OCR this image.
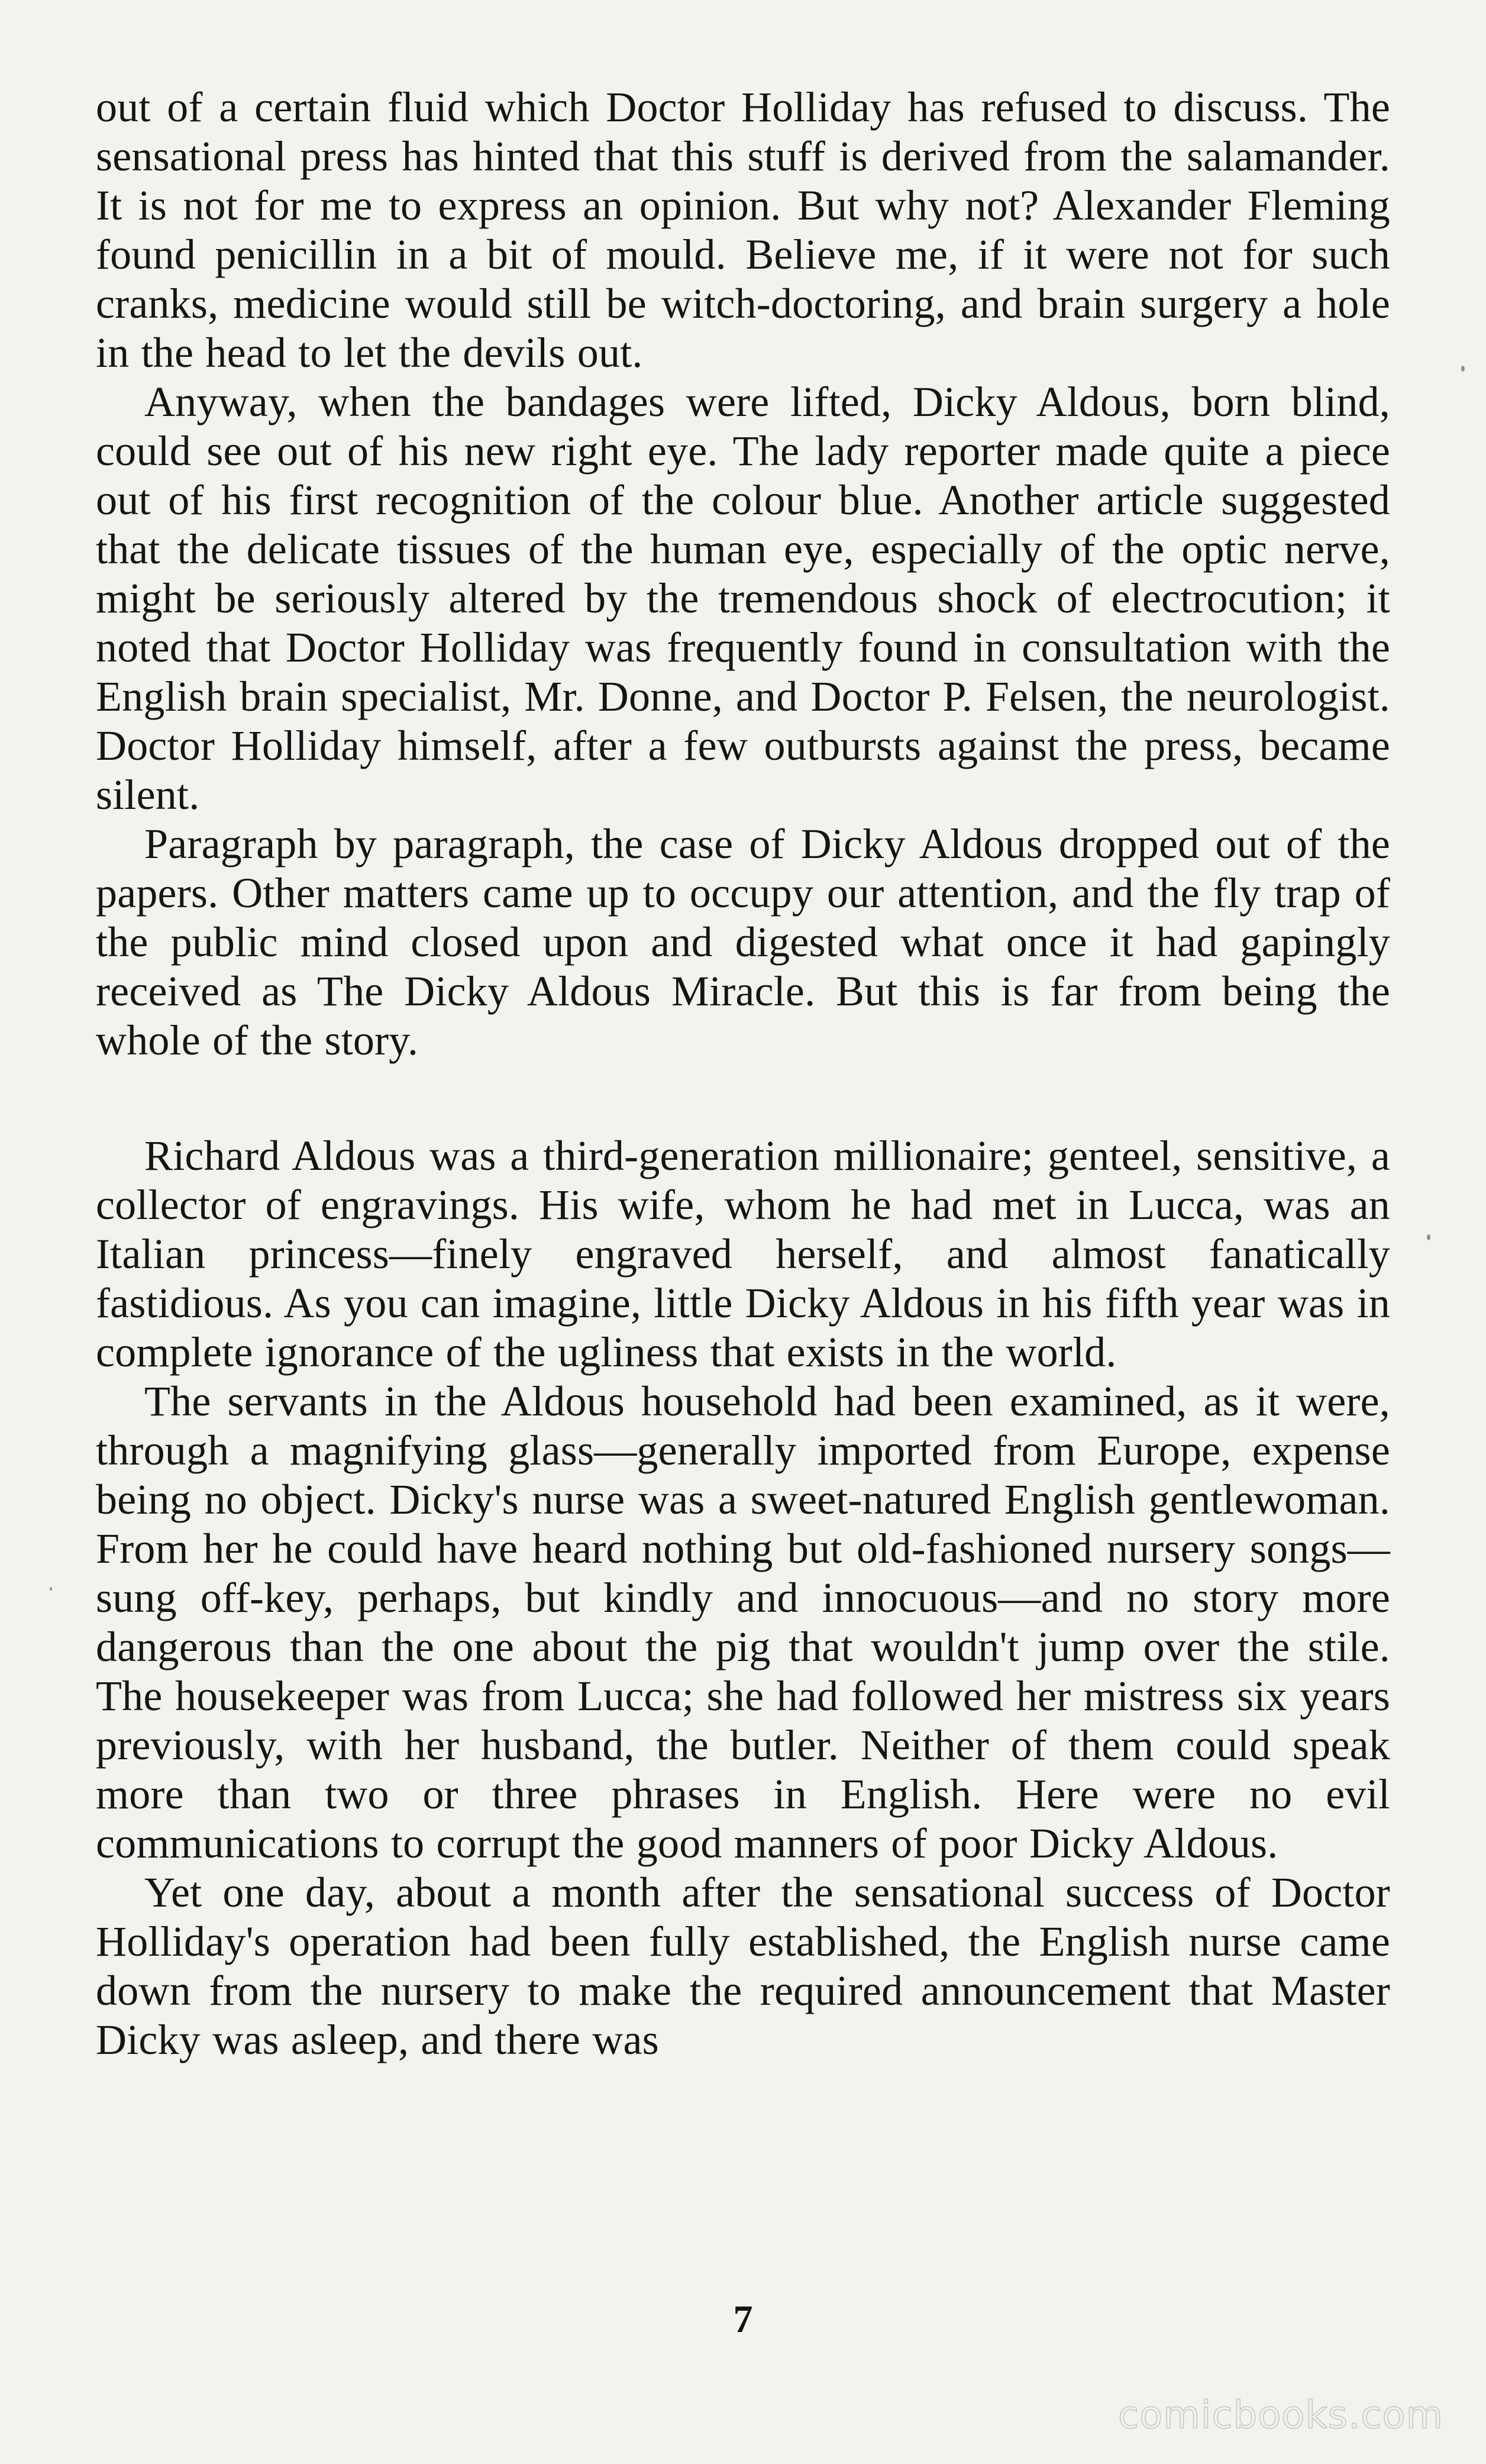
out of a certain fluid which Doctor Holliday has refused to discuss. The sensational press has hinted that this stuff is derived from the salamander. It is not for me to express an opinion. But why not? Alexander Fleming found penicillin in a bit of mould. Believe me, if it were not for such cranks, medicine would still be witch-doctoring, and brain surgery a hole in the head to let the devils out.

Anyway, when the bandages were lifted, Dicky Aldous, born blind, could see out of his new right eye. The lady reporter made quite a piece out of his first recognition of the colour blue. Another article suggested that the delicate tissues of the human eye, especially of the optic nerve, might be seriously altered by the tremendous shock of electrocution; it noted that Doctor Holliday was frequently found in consultation with the English brain specialist, Mr. Donne, and Doctor P. Felsen, the neurologist. Doctor Holliday himself, after a few outbursts against the press, became silent.

Paragraph by paragraph, the case of Dicky Aldous dropped out of the papers. Other matters came up to occupy our attention, and the fly trap of the public mind closed upon and digested what once it had gapingly received as The Dicky Aldous Miracle. But this is far from being the whole of the story.

Richard Aldous was a third-generation millionaire; genteel, sensitive, a collector of engravings. His wife, whom he had met in Lucca, was an Italian princess—finely engraved herself, and almost fanatically fastidious. As you can imagine, little Dicky Aldous in his fifth year was in complete ignorance of the ugliness that exists in the world.

The servants in the Aldous household had been examined, as it were, through a magnifying glass—generally imported from Europe, expense being no object. Dicky's nurse was a sweet-natured English gentlewoman. From her he could have heard nothing but old-fashioned nursery songs—sung off-key, perhaps, but kindly and innocuous—and no story more dangerous than the one about the pig that wouldn't jump over the stile. The housekeeper was from Lucca; she had followed her mistress six years previously, with her husband, the butler. Neither of them could speak more than two or three phrases in English. Here were no evil communications to corrupt the good manners of poor Dicky Aldous.

Yet one day, about a month after the sensational success of Doctor Holliday's operation had been fully established, the English nurse came down from the nursery to make the required announcement that Master Dicky was asleep, and there was

7
comicbooks.com
